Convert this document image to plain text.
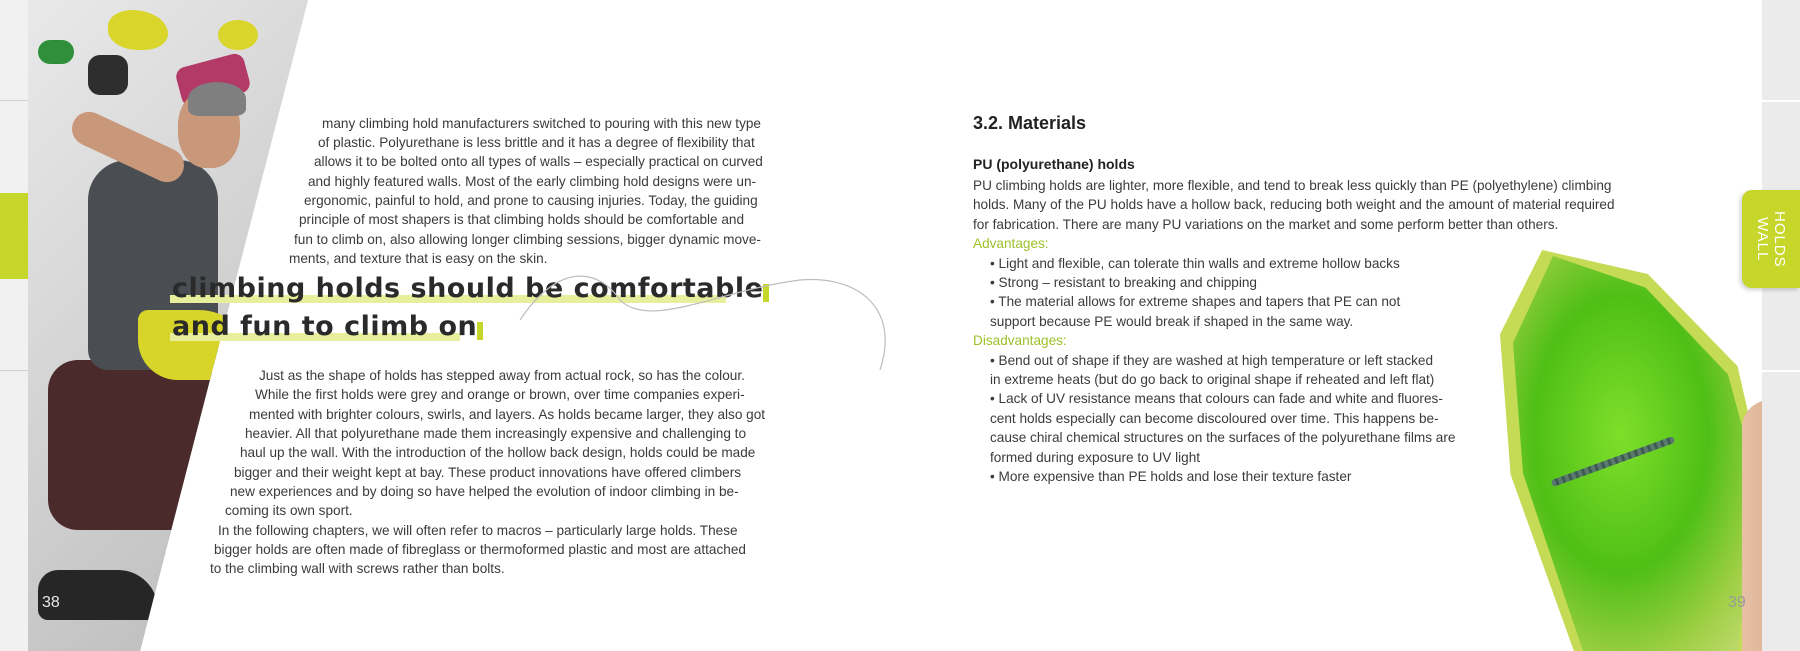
many climbing hold manufacturers switched to pouring with this new type
of plastic. Polyurethane is less brittle and it has a degree of flexibility that
allows it to be bolted onto all types of walls – especially practical on curved
and highly featured walls. Most of the early climbing hold designs were un-
ergonomic, painful to hold, and prone to causing injuries. Today, the guiding
principle of most shapers is that climbing holds should be comfortable and
fun to climb on, also allowing longer climbing sessions, bigger dynamic move-
ments, and texture that is easy on the skin.

climbing holds should be comfortable
and fun to climb on

Just as the shape of holds has stepped away from actual rock, so has the colour.
While the first holds were grey and orange or brown, over time companies experi-
mented with brighter colours, swirls, and layers. As holds became larger, they also got
heavier. All that polyurethane made them increasingly expensive and challenging to
haul up the wall. With the introduction of the hollow back design, holds could be made
bigger and their weight kept at bay. These product innovations have offered climbers
new experiences and by doing so have helped the evolution of indoor climbing in be-
coming its own sport.
In the following chapters, we will often refer to macros – particularly large holds. These
bigger holds are often made of fibreglass or thermoformed plastic and most are attached
to the climbing wall with screws rather than bolts.

38
3.2. Materials
PU (polyurethane) holds
PU climbing holds are lighter, more flexible, and tend to break less quickly than PE (polyethylene) climbing
holds. Many of the PU holds have a hollow back, reducing both weight and the amount of material required
for fabrication. There are many PU variations on the market and some perform better than others.
Advantages:
• Light and flexible, can tolerate thin walls and extreme hollow backs
• Strong – resistant to breaking and chipping
• The material allows for extreme shapes and tapers that PE can not
support because PE would break if shaped in the same way.
Disadvantages:
• Bend out of shape if they are washed at high temperature or left stacked
in extreme heats (but do go back to original shape if reheated and left flat)
• Lack of UV resistance means that colours can fade and white and fluores-
cent holds especially can become discoloured over time. This happens be-
cause chiral chemical structures on the surfaces of the polyurethane films are
formed during exposure to UV light
• More expensive than PE holds and lose their texture faster
HOLDS
WALL
39
